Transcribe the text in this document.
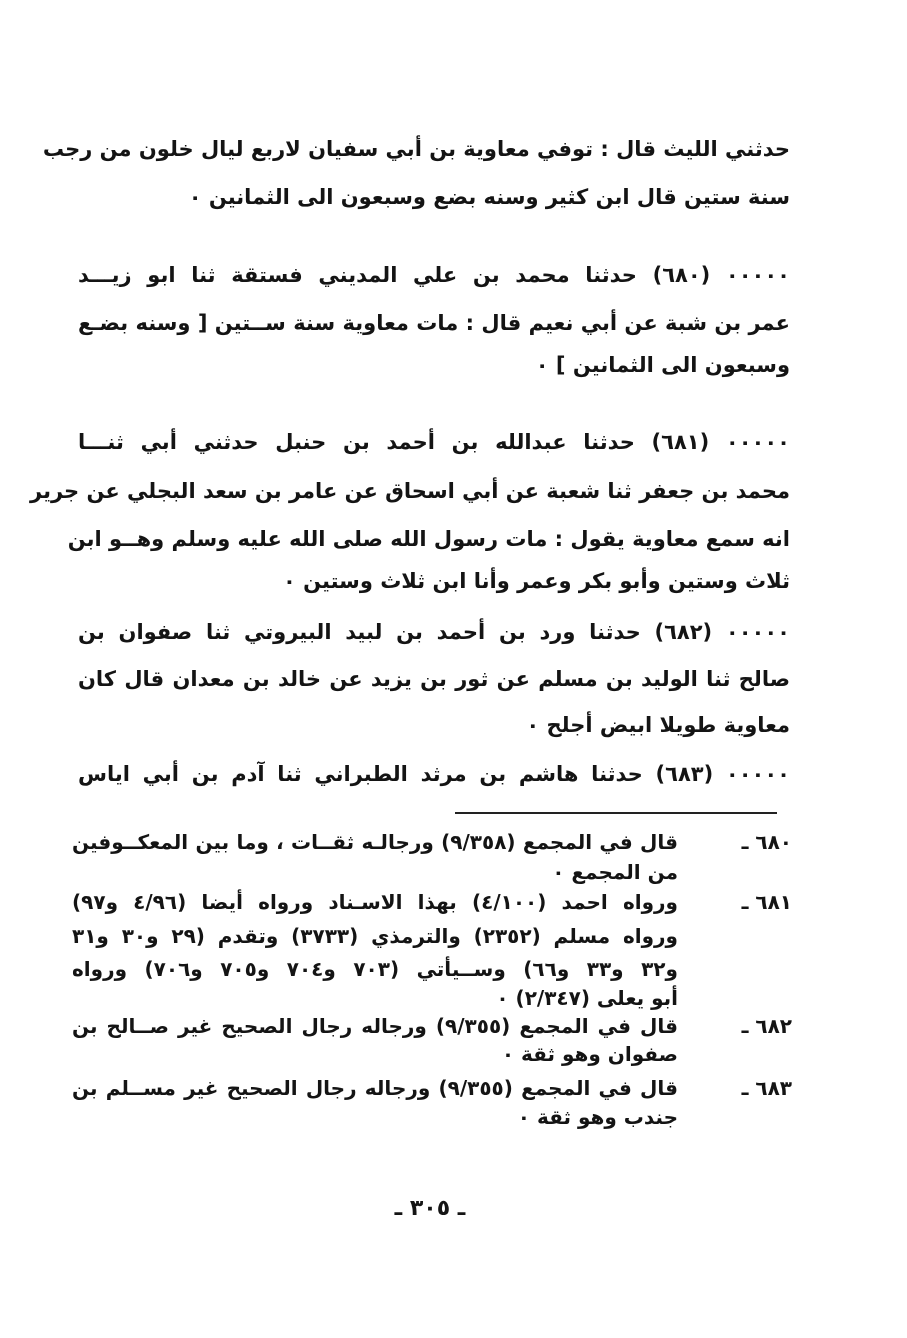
حدثني الليث قال : توفي معاوية بن أبي سفيان لاربع ليال خلون من رجب
سنة ستين قال ابن كثير وسنه بضع وسبعون الى الثمانين ٠
٠٠٠٠٠ (٦٨٠) حدثنا محمد بن علي المديني فستقة ثنا ابو زيـــد
عمر بن شبة عن أبي نعيم قال : مات معاوية سنة ســتين [ وسنه بضـع
وسبعون الى الثمانين ] ٠
٠٠٠٠٠ (٦٨١) حدثنا عبدالله بن أحمد بن حنبل حدثني أبي ثنـــا
محمد بن جعفر ثنا شعبة عن أبي اسحاق عن عامر بن سعد البجلي عن جرير
انه سمع معاوية يقول : مات رسول الله صلى الله عليه وسلم وهــو ابن
ثلاث وستين وأبو بكر وعمر وأنا ابن ثلاث وستين ٠
٠٠٠٠٠ (٦٨٢) حدثنا ورد بن أحمد بن لبيد البيروتي ثنا صفوان بن
صالح ثنا الوليد بن مسلم عن ثور بن يزيد عن خالد بن معدان قال كان
معاوية طويلا ابيض أجلح ٠
٠٠٠٠٠ (٦٨٣) حدثنا هاشم بن مرثد الطبراني ثنا آدم بن أبي اياس
٦٨٠ ـ
قال في المجمع (٩/٣٥٨) ورجالـه ثقــات ، وما بين المعكــوفين
من المجمع ٠
٦٨١ ـ
ورواه احمد (٤/١٠٠) بهذا الاسـناد ورواه أيضا (٤/٩٦ و٩٧)
ورواه مسلم (٢٣٥٢) والترمذي (٣٧٣٣) وتقدم (٢٩ و٣٠ و٣١
و٣٢ و٣٣ و٦٦) وســيأتي (٧٠٣ و٧٠٤ و٧٠٥ و٧٠٦) ورواه
أبو يعلى (٢/٣٤٧) ٠
٦٨٢ ـ
قال في المجمع (٩/٣٥٥) ورجاله رجال الصحيح غير صــالح بن
صفوان وهو ثقة ٠
٦٨٣ ـ
قال في المجمع (٩/٣٥٥) ورجاله رجال الصحيح غير مســلم بن
جندب وهو ثقة ٠
ـ ٣٠٥ ـ
